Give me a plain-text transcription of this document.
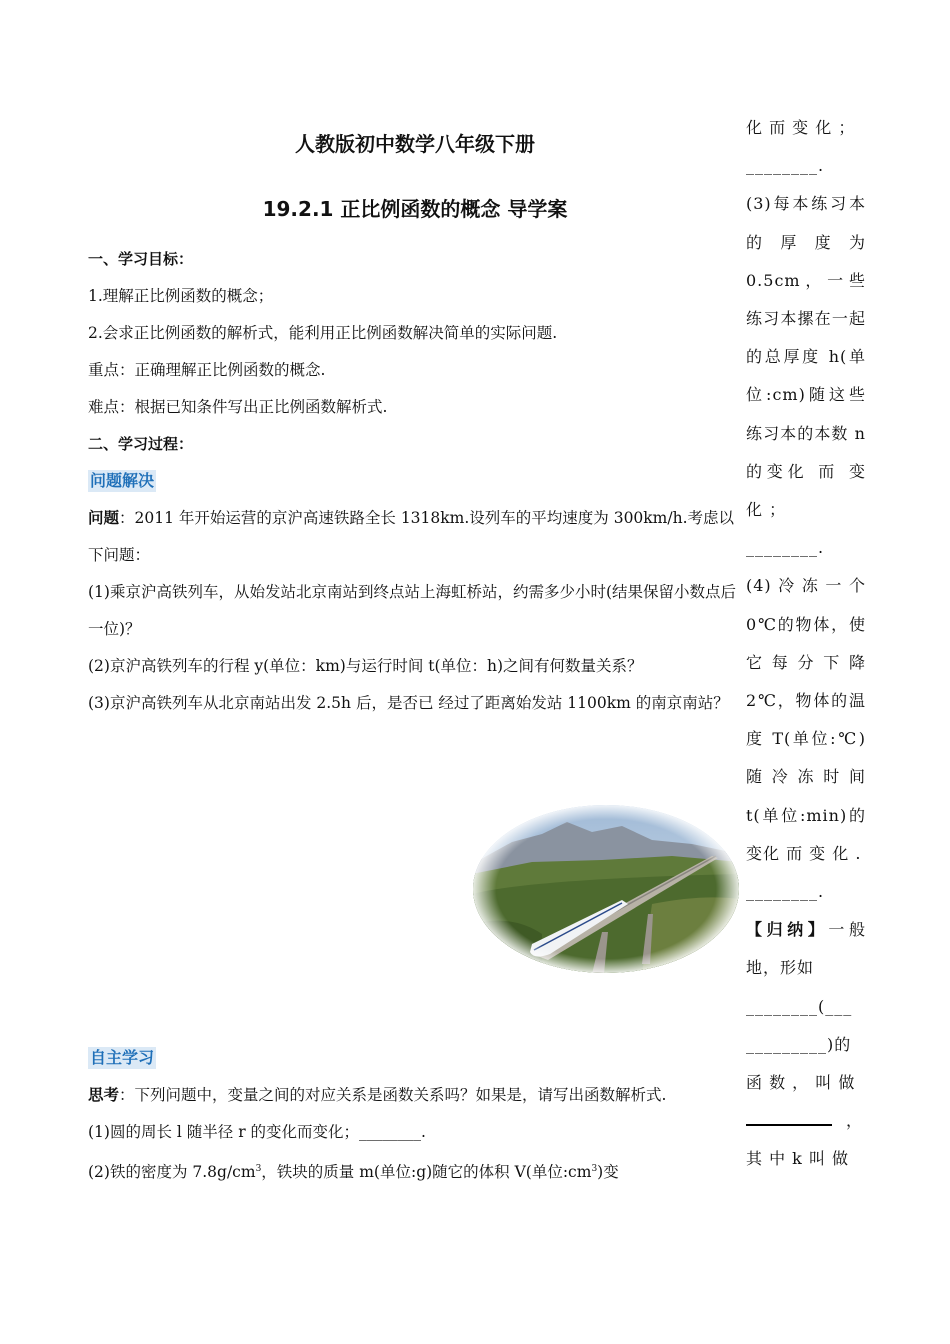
人教版初中数学八年级下册
19.2.1 正比例函数的概念 导学案

一、学习目标：

1.理解正比例函数的概念；

2.会求正比例函数的解析式，能利用正比例函数解决简单的实际问题.

重点：正确理解正比例函数的概念.

难点：根据已知条件写出正比例函数解析式.

二、学习过程：

问题解决

问题：2011 年开始运营的京沪高速铁路全长 1318km.设列车的平均速度为 300km/h.考虑以下问题：

(1)乘京沪高铁列车，从始发站北京南站到终点站上海虹桥站，约需多少小时(结果保留小数点后一位)？

(2)京沪高铁列车的行程 y(单位：km)与运行时间 t(单位：h)之间有何数量关系？

(3)京沪高铁列车从北京南站出发 2.5h 后，是否已 经过了距离始发站 1100km 的南京南站？

自主学习

思考：下列问题中，变量之间的对应关系是函数关系吗？如果是，请写出函数解析式.

(1)圆的周长 l 随半径 r 的变化而变化；________.

(2)铁的密度为 $7.8g/cm^3$，铁块的质量 m(单位:g)随它的体积 V(单位$:cm^3$)变

化 而 变 化 ；

________.

(3)每本练习本的厚度为 0.5cm，一些练习本摞在一起的总厚度 h(单位:cm)随这些练习本的本数 n 的变化 而 变 化 ；

________.

(4)冷冻一个 0℃的物体，使它每分下降 2℃，物体的温度 T(单位:℃)随冷冻时间 t(单位:min)的变化 而 变 化 .

________.

【归纳】一般地，形如

________(___

_________)的

函 数 ， 叫 做

，

其 中 k 叫 做
